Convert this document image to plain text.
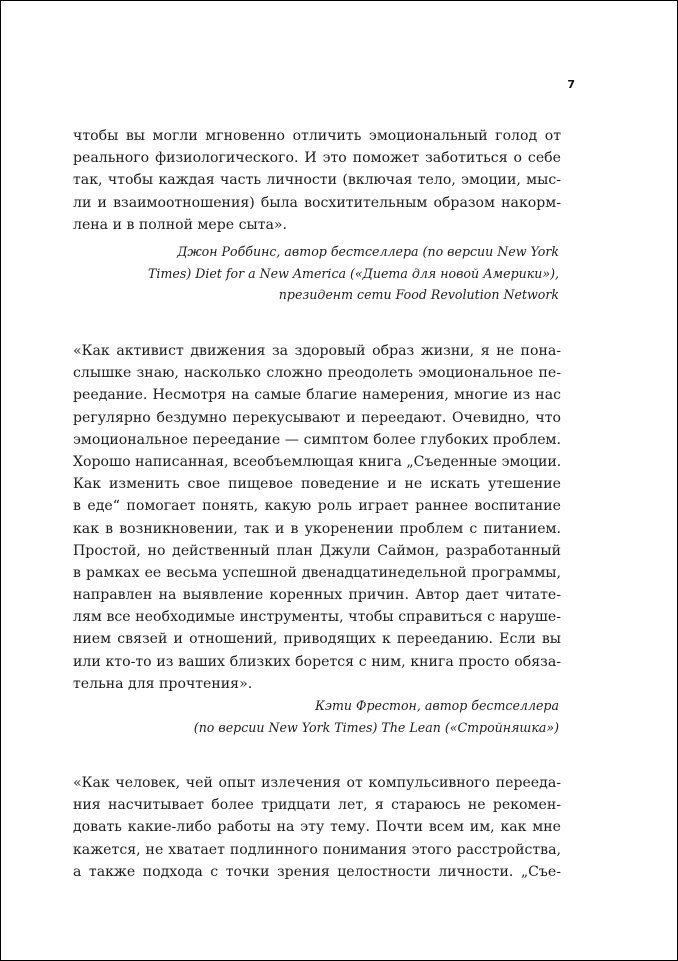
7
чтобы вы могли мгновенно отличить эмоциональный голод от
реального физиологического. И это поможет заботиться о себе
так, чтобы каждая часть личности (включая тело, эмоции, мыс-
ли и взаимоотношения) была восхитительным образом накорм-
лена и в полной мере сыта».
Джон Роббинс, автор бестселлера (по версии New York
Times) Diet for a New America («Диета для новой Америки»),
президент сети Food Revolution Network
«Как активист движения за здоровый образ жизни, я не пона-
слышке знаю, насколько сложно преодолеть эмоциональное пе-
реедание. Несмотря на самые благие намерения, многие из нас
регулярно бездумно перекусывают и переедают. Очевидно, что
эмоциональное переедание — симптом более глубоких проблем.
Хорошо написанная, всеобъемлющая книга „Съеденные эмоции.
Как изменить свое пищевое поведение и не искать утешение
в еде“ помогает понять, какую роль играет раннее воспитание
как в возникновении, так и в укоренении проблем с питанием.
Простой, но действенный план Джули Саймон, разработанный
в рамках ее весьма успешной двенадцатинедельной программы,
направлен на выявление коренных причин. Автор дает читате-
лям все необходимые инструменты, чтобы справиться с наруше-
нием связей и отношений, приводящих к перееданию. Если вы
или кто-то из ваших близких борется с ним, книга просто обяза-
тельна для прочтения».
Кэти Фрестон, автор бестселлера
(по версии New York Times) The Lean («Стройняшка»)
«Как человек, чей опыт излечения от компульсивного переeда-
ния насчитывает более тридцати лет, я стараюсь не рекомен-
довать какие-либо работы на эту тему. Почти всем им, как мне
кажется, не хватает подлинного понимания этого расстройства,
а также подхода с точки зрения целостности личности. „Съе-
